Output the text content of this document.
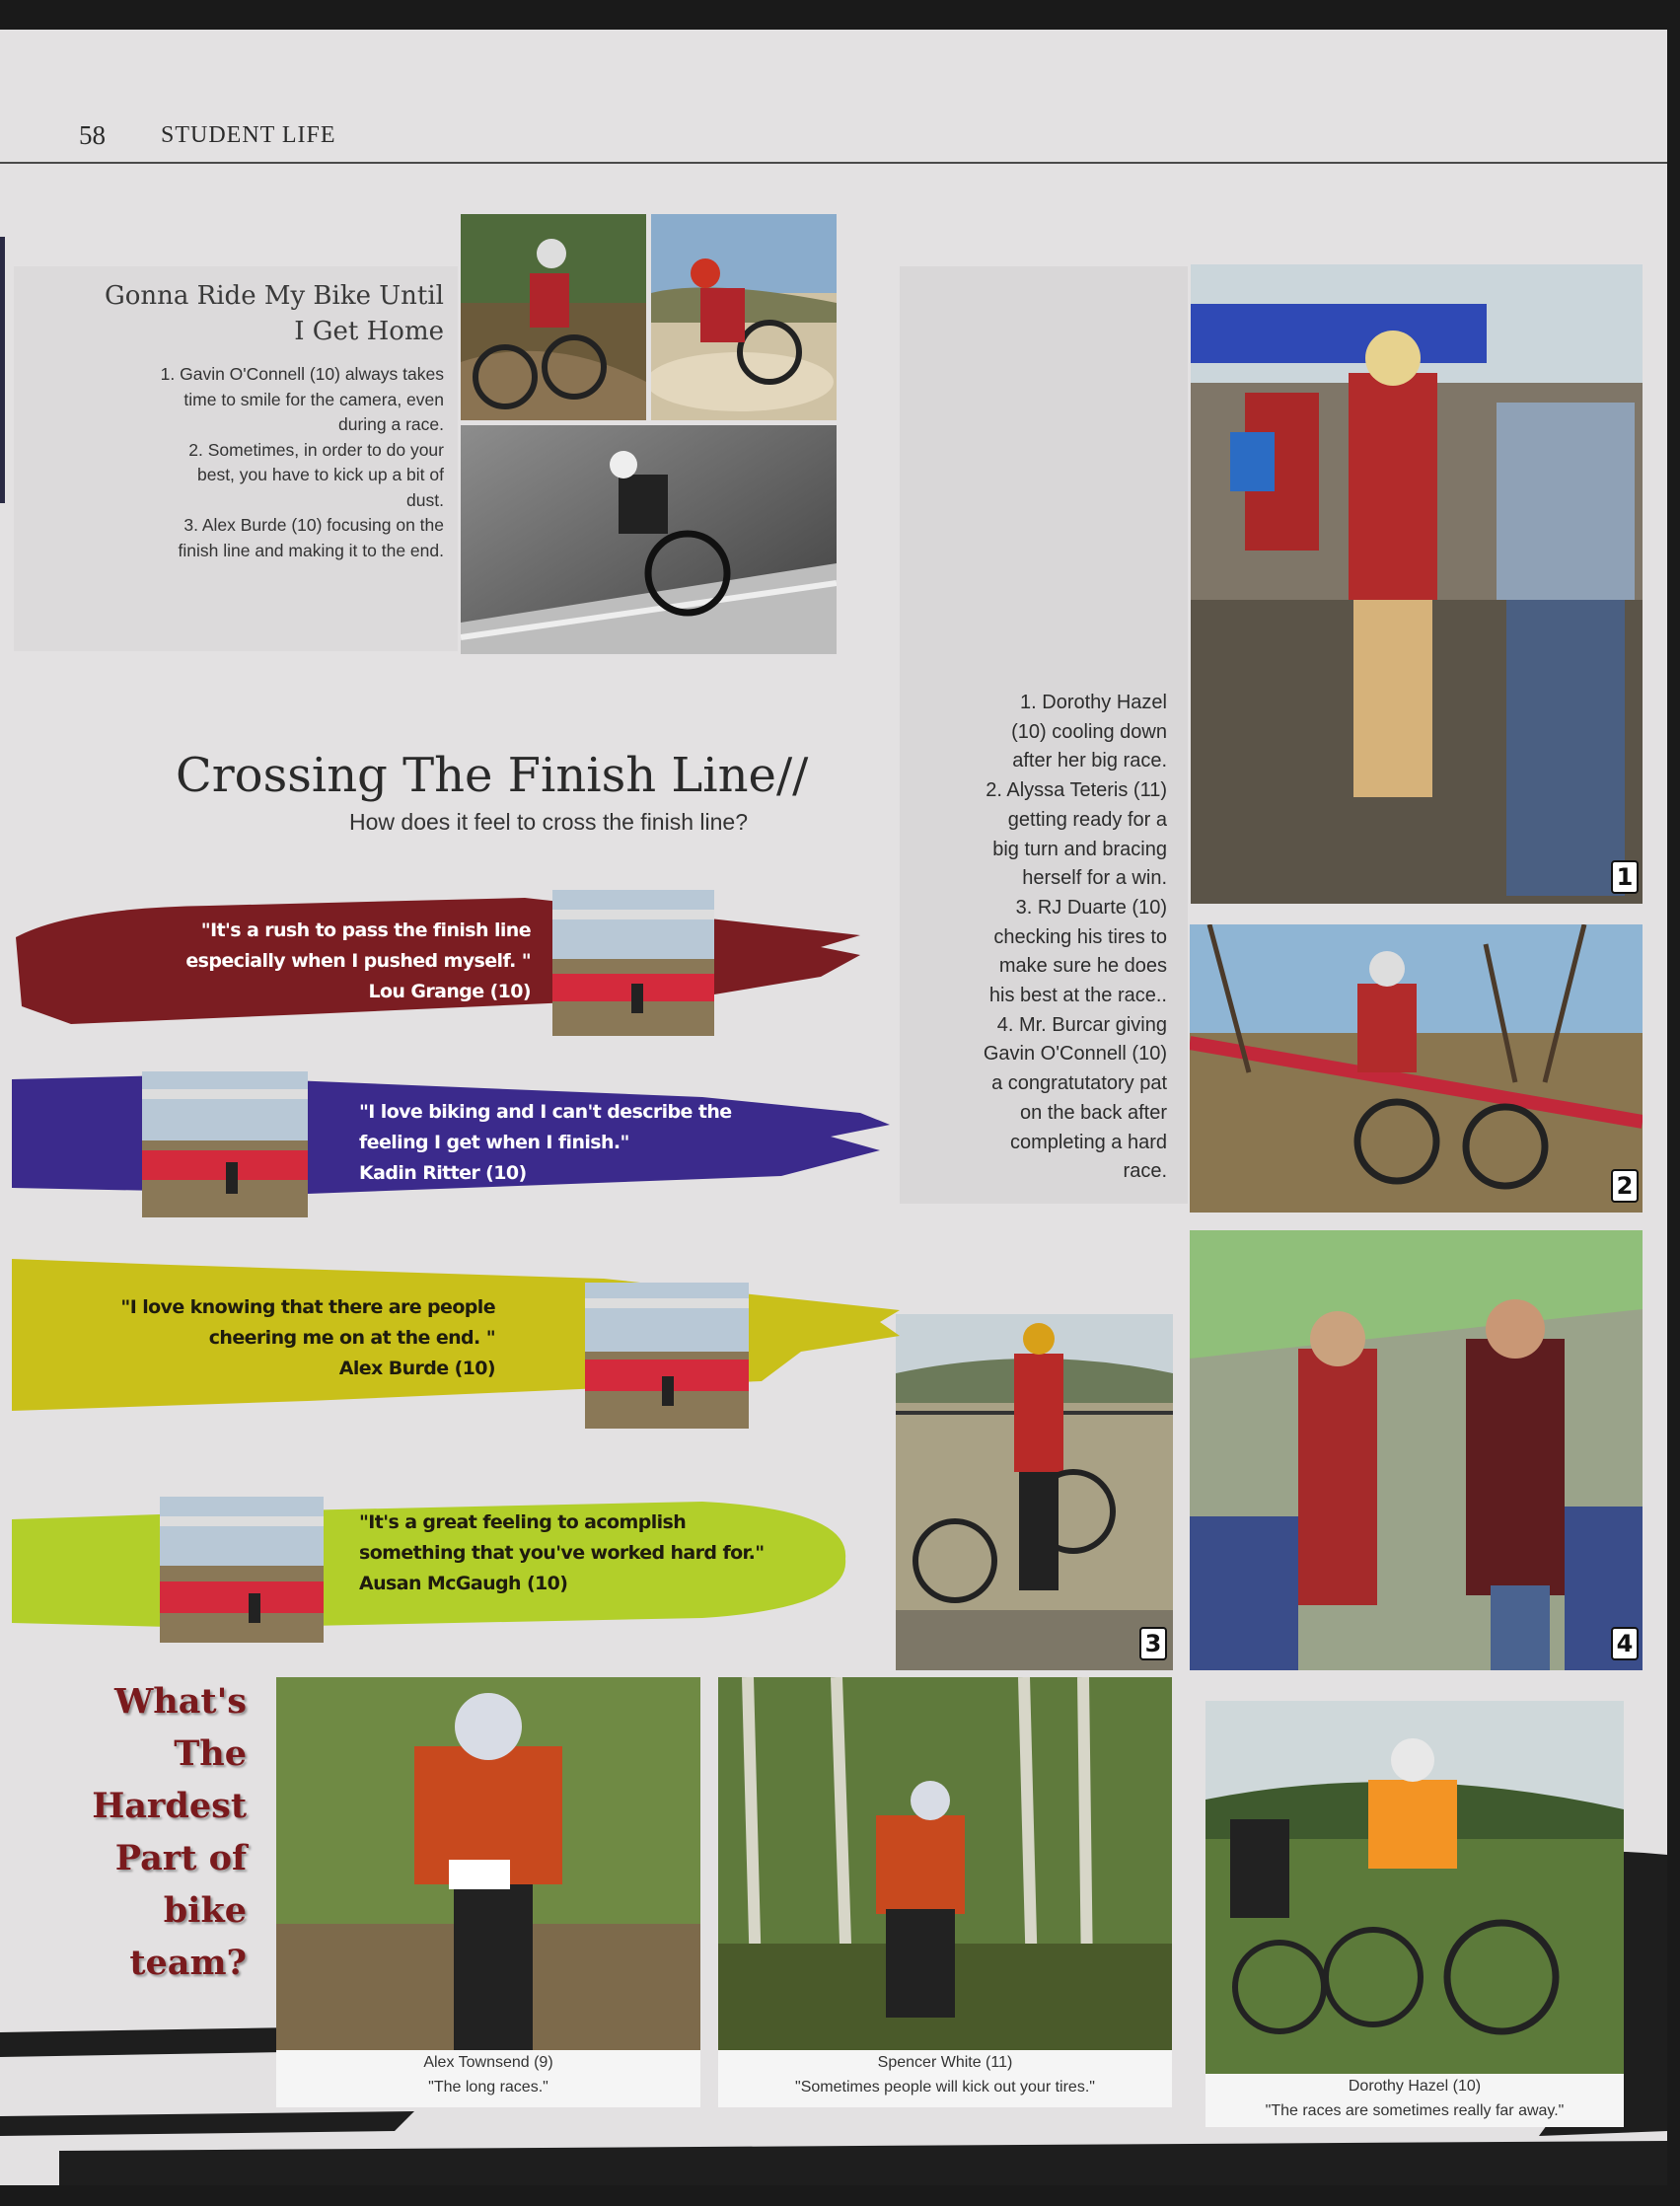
58 STUDENT LIFE
Gonna Ride My Bike Until
I Get Home
1. Gavin O'Connell (10) always takes
time to smile for the camera, even
during a race.
2. Sometimes, in order to do your
best, you have to kick up a bit of
dust.
3. Alex Burde (10) focusing on the
finish line and making it to the end.
1. Dorothy Hazel
(10) cooling down
after her big race.
2. Alyssa Teteris (11)
getting ready for a
big turn and bracing
herself for a win.
3. RJ Duarte (10)
checking his tires to
make sure he does
his best at the race..
4. Mr. Burcar giving
Gavin O'Connell (10)
a congratutatory pat
on the back after
completing a hard
race.
1
2
4
3
Crossing The Finish Line//
How does it feel to cross the finish line?
"It's a rush to pass the finish line
especially when I pushed myself. "
Lou Grange (10)
"I love biking and I can't describe the
feeling I get when I finish."
Kadin Ritter (10)
"I love knowing that there are people
cheering me on at the end. "
Alex Burde (10)
"It's a great feeling to acomplish
something that you've worked hard for."
Ausan McGaugh (10)
What's
The
Hardest
Part of
bike
team?
Alex Townsend (9)
"The long races."
Spencer White (11)
"Sometimes people will kick out your tires."	Dorothy Hazel (10)
"The races are sometimes really far away."
